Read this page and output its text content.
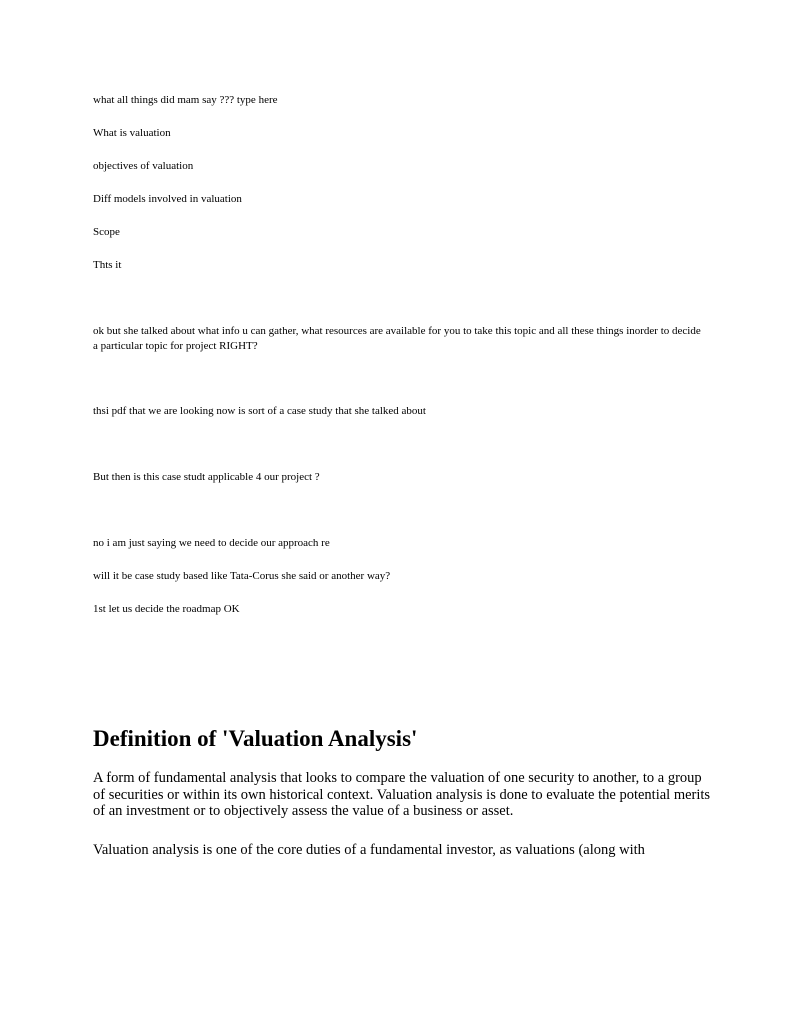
what all things did mam say ??? type here

What is valuation

objectives of valuation

Diff models involved in valuation

Scope

Thts it

ok but she talked about what info u can gather, what resources are available for you to take this topic and all these things inorder to decide a particular topic for project RIGHT?

thsi pdf that we are looking now is sort of a case study that she talked about

But then is this case studt applicable 4 our project ?

no i am just saying we need to decide our approach re

will it be case study based like Tata-Corus she said or another way?

1st let us decide the roadmap OK

Definition of 'Valuation Analysis'

A form of fundamental analysis that looks to compare the valuation of one security to another, to a group of securities or within its own historical context. Valuation analysis is done to evaluate the potential merits of an investment or to objectively assess the value of a business or asset.

Valuation analysis is one of the core duties of a fundamental investor, as valuations (along with
